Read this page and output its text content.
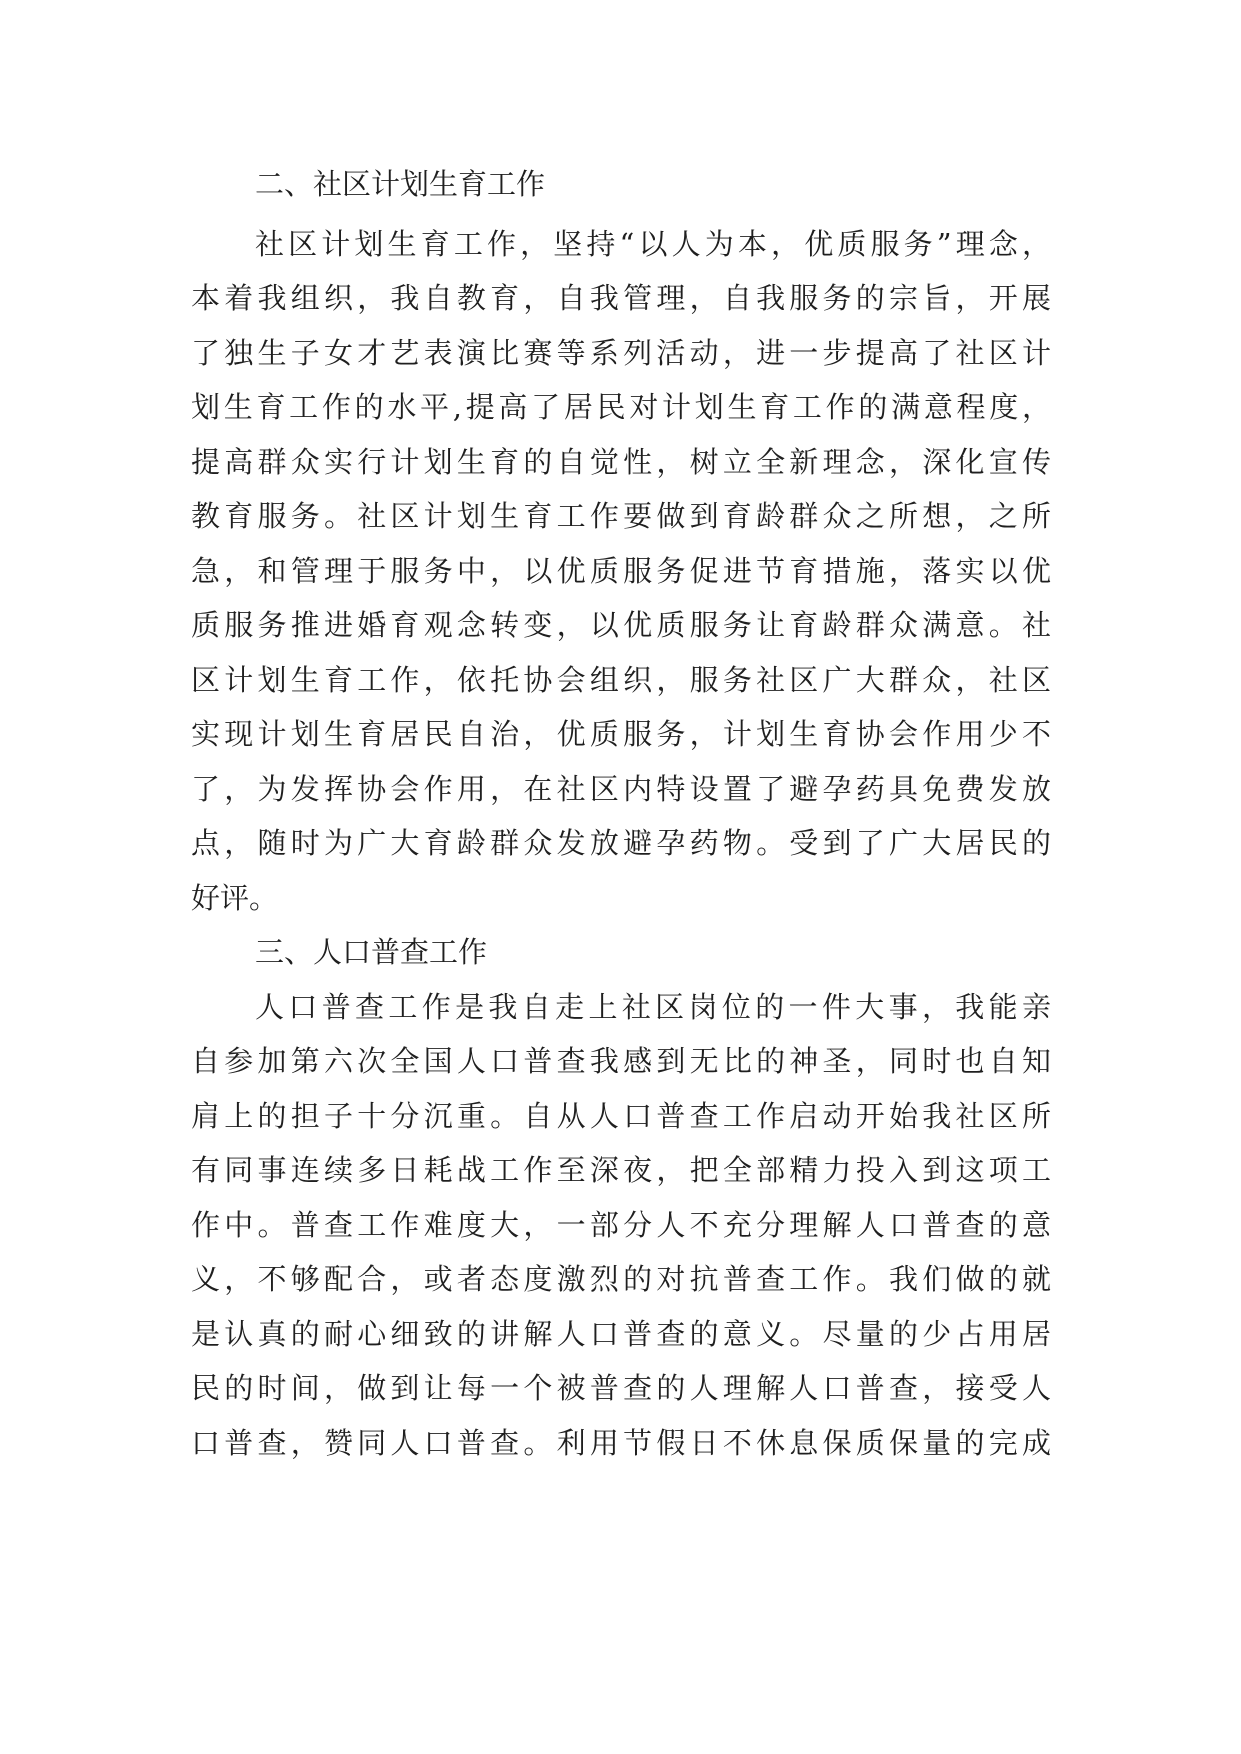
二、社区计划生育工作

社区计划生育工作，坚持“以人为本，优质服务”理念，

本着我组织，我自教育，自我管理，自我服务的宗旨，开展

了独生子女才艺表演比赛等系列活动，进一步提高了社区计

划生育工作的水平,提高了居民对计划生育工作的满意程度，

提高群众实行计划生育的自觉性，树立全新理念，深化宣传

教育服务。社区计划生育工作要做到育龄群众之所想，之所

急，和管理于服务中，以优质服务促进节育措施，落实以优

质服务推进婚育观念转变，以优质服务让育龄群众满意。社

区计划生育工作，依托协会组织，服务社区广大群众，社区

实现计划生育居民自治，优质服务，计划生育协会作用少不

了，为发挥协会作用，在社区内特设置了避孕药具免费发放

点，随时为广大育龄群众发放避孕药物。受到了广大居民的

好评。

三、人口普查工作

人口普查工作是我自走上社区岗位的一件大事，我能亲

自参加第六次全国人口普查我感到无比的神圣，同时也自知

肩上的担子十分沉重。自从人口普查工作启动开始我社区所

有同事连续多日耗战工作至深夜，把全部精力投入到这项工

作中。普查工作难度大，一部分人不充分理解人口普查的意

义，不够配合，或者态度激烈的对抗普查工作。我们做的就

是认真的耐心细致的讲解人口普查的意义。尽量的少占用居

民的时间，做到让每一个被普查的人理解人口普查，接受人

口普查，赞同人口普查。利用节假日不休息保质保量的完成
